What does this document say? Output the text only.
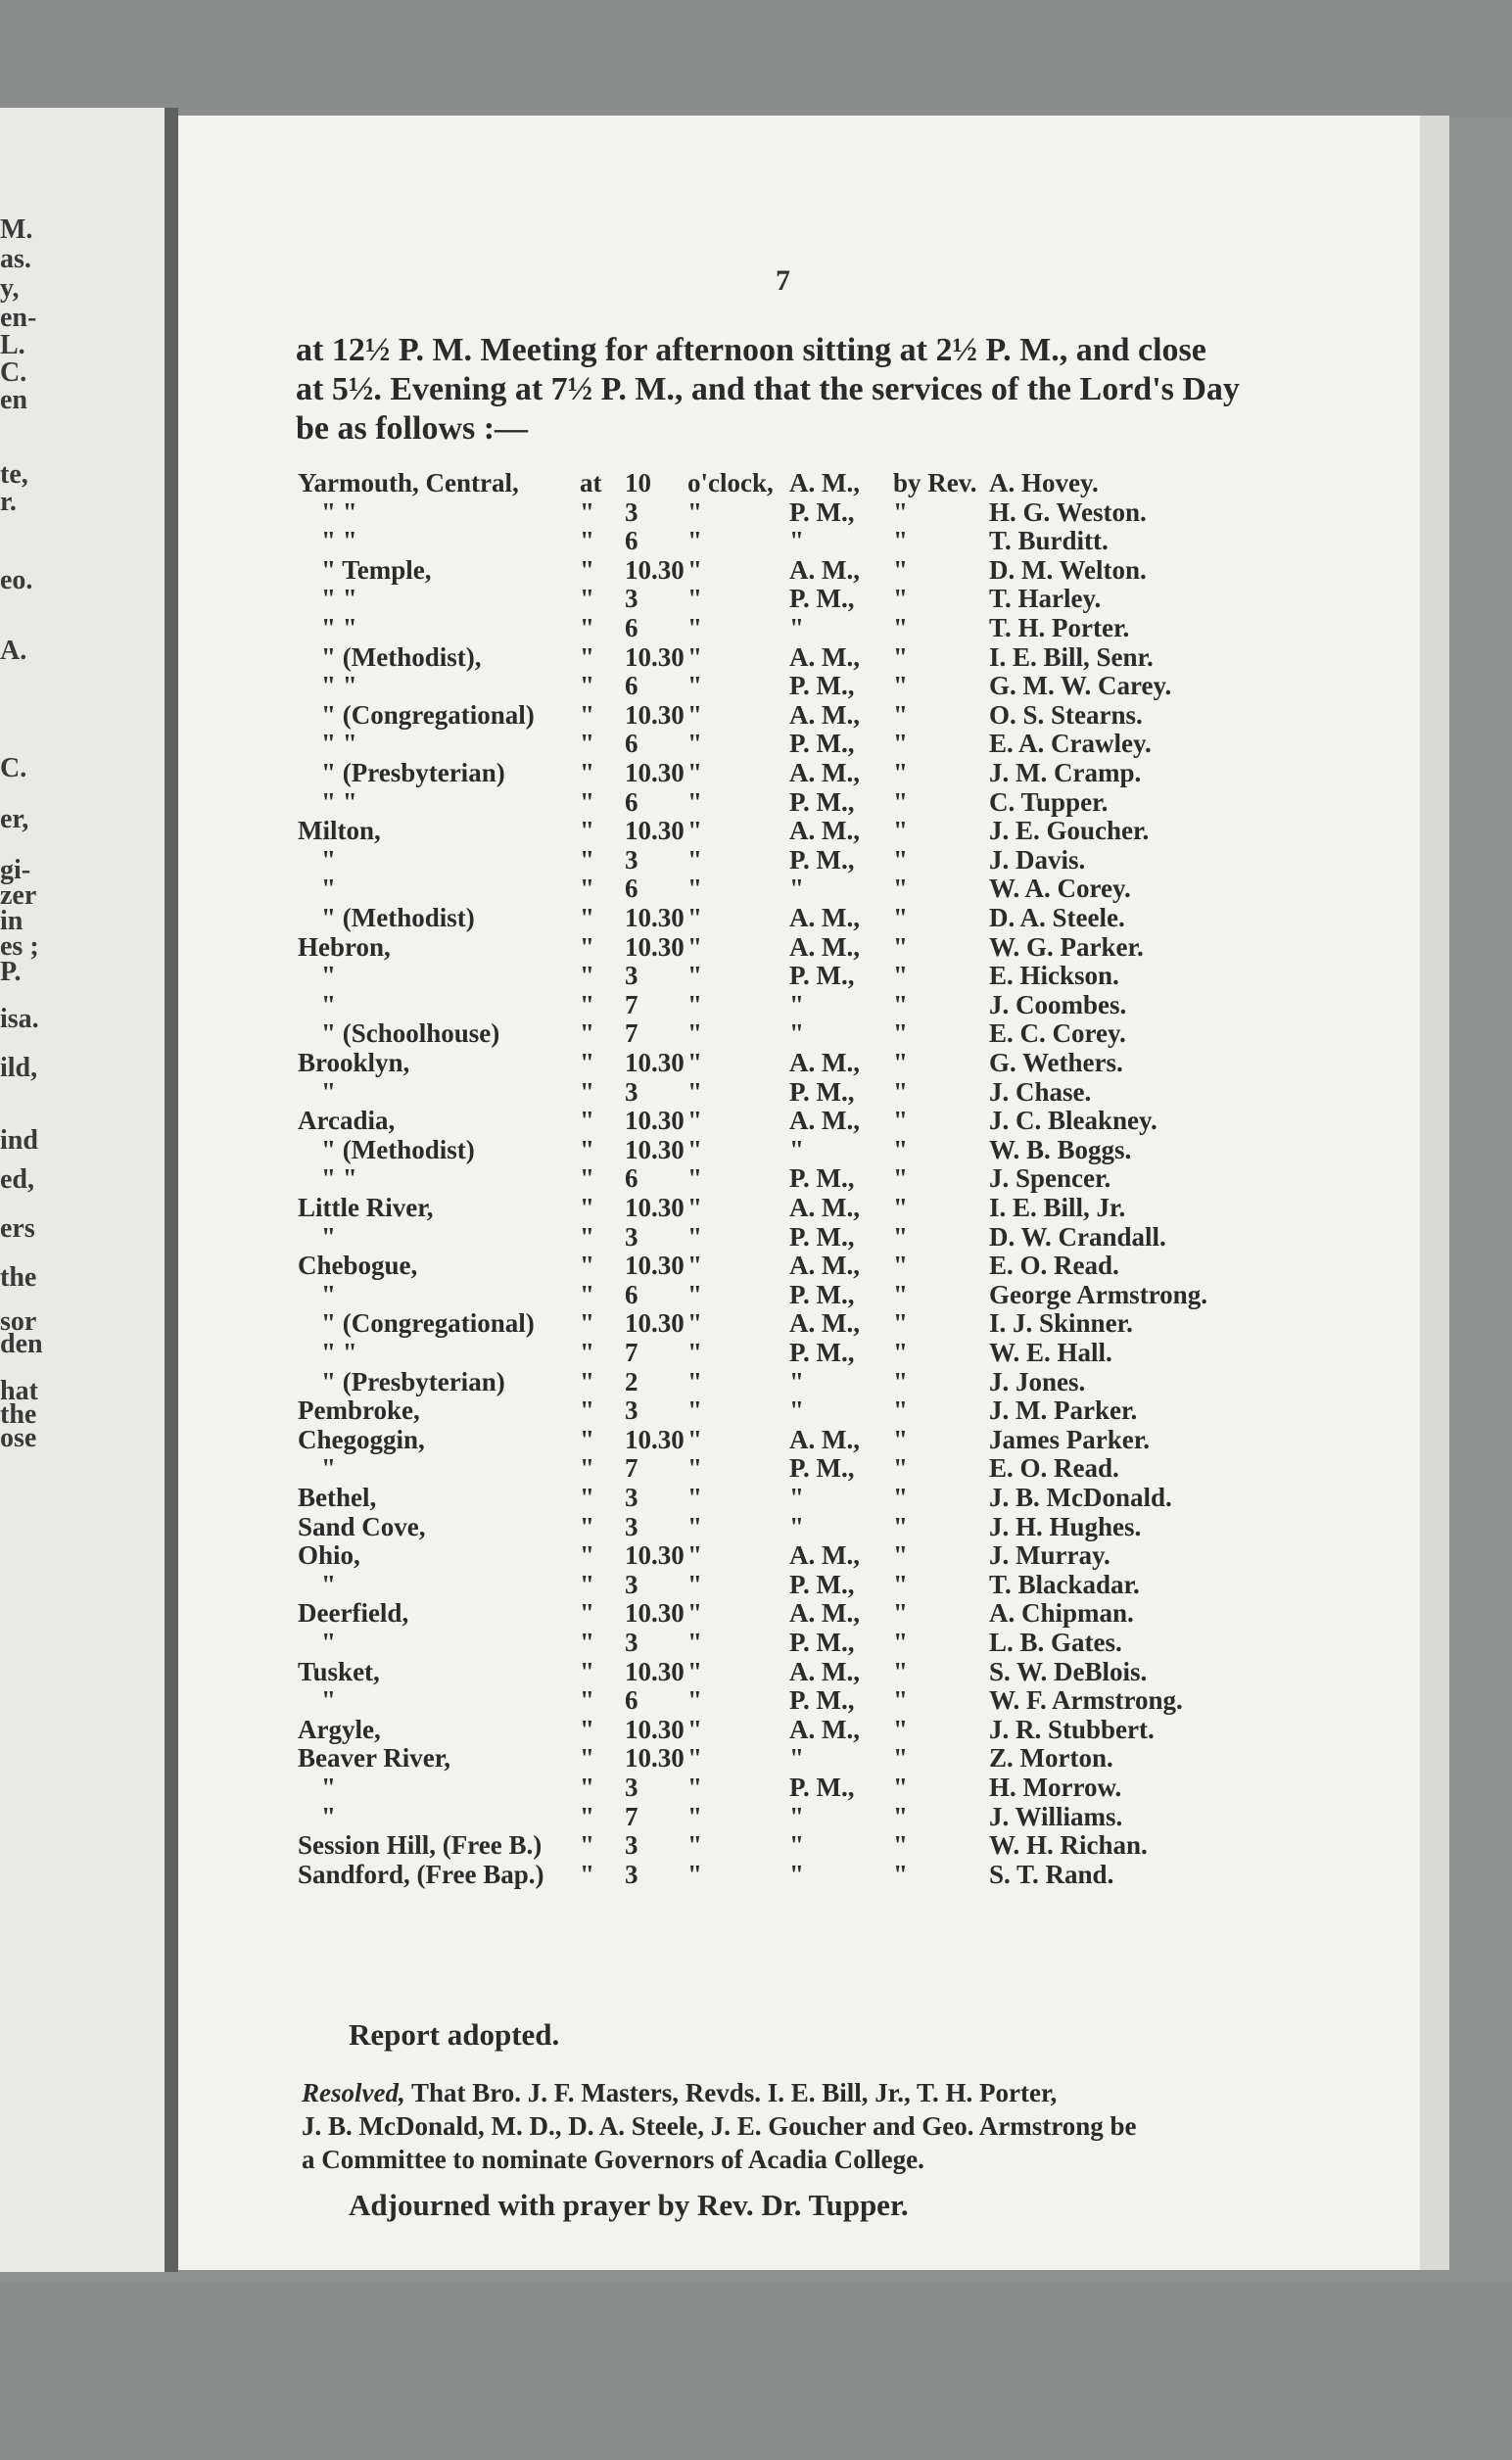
M.
as.
y,
en-
L.
C.
en
te,
r.
eo.
A.
C.
er,
gi-
zer
in
es ;
P.
isa.
ild,
ind
ed,
ers
the
sor
den
hat
the
ose
7
at 12½ P. M. Meeting for afternoon sitting at 2½ P. M., and close
at 5½. Evening at 7½ P. M., and that the services of the Lord's Day
be as follows :—
Yarmouth, Central, at 10 o'clock, A. M., by Rev. A. Hovey.
" "	" 3 "	P. M., "	H. G. Weston.
" "	" 6 "	"	"	T. Burditt.
" Temple,	" 10.30 "	A. M., "	D. M. Welton.
" "	" 3 "	P. M., "	T. Harley.
" "	" 6 "	"	"	T. H. Porter.
" (Methodist),	" 10.30 "	A. M., "	I. E. Bill, Senr.
" "	" 6 "	P. M., "	G. M. W. Carey.
" (Congregational) " 10.30 "	A. M., "	O. S. Stearns.
" "	" 6 "	P. M., "	E. A. Crawley.
" (Presbyterian)	" 10.30 "	A. M., "	J. M. Cramp.
" "	" 6 "	P. M., "	C. Tupper.
Milton,	" 10.30 "	A. M., "	J. E. Goucher.
"	" 3 "	P. M., "	J. Davis.
"	" 6 "	"	"	W. A. Corey.
" (Methodist)	" 10.30 "	A. M., "	D. A. Steele.
Hebron,	" 10.30 "	A. M., "	W. G. Parker.
"	" 3 "	P. M., "	E. Hickson.
"	" 7 "	"	"	J. Coombes.
" (Schoolhouse)	" 7 "	"	"	E. C. Corey.
Brooklyn,	" 10.30 "	A. M., "	G. Wethers.
"	" 3 "	P. M., "	J. Chase.
Arcadia,	" 10.30 "	A. M., "	J. C. Bleakney.
" (Methodist)	" 10.30 "	"	"	W. B. Boggs.
" "	" 6 "	P. M., "	J. Spencer.
Little River,	" 10.30 "	A. M., "	I. E. Bill, Jr.
"	" 3 "	P. M., "	D. W. Crandall.
Chebogue,	" 10.30 "	A. M., "	E. O. Read.
"	" 6 "	P. M., "	George Armstrong.
" (Congregational) " 10.30 "	A. M., "	I. J. Skinner.
" "	" 7 "	P. M., "	W. E. Hall.
" (Presbyterian)	" 2 "	"	"	J. Jones.
Pembroke,	" 3 "	"	"	J. M. Parker.
Chegoggin,	" 10.30 "	A. M., "	James Parker.
"	" 7 "	P. M., "	E. O. Read.
Bethel,	" 3 "	"	"	J. B. McDonald.
Sand Cove,	" 3 "	"	"	J. H. Hughes.
Ohio,	" 10.30 "	A. M., "	J. Murray.
"	" 3 "	P. M., "	T. Blackadar.
Deerfield,	" 10.30 "	A. M., "	A. Chipman.
"	" 3 "	P. M., "	L. B. Gates.
Tusket,	" 10.30 "	A. M., "	S. W. DeBlois.
"	" 6 "	P. M., "	W. F. Armstrong.
Argyle,	" 10.30 "	A. M., "	J. R. Stubbert.
Beaver River,	" 10.30 "	"	"	Z. Morton.
"	" 3 "	P. M., "	H. Morrow.
"	" 7 "	"	"	J. Williams.
Session Hill, (Free B.) " 3 "	"	"	W. H. Richan.
Sandford, (Free Bap.) " 3 "	"	"	S. T. Rand.
Report adopted.
Resolved, That Bro. J. F. Masters, Revds. I. E. Bill, Jr., T. H. Porter,
J. B. McDonald, M. D., D. A. Steele, J. E. Goucher and Geo. Armstrong be
a Committee to nominate Governors of Acadia College.
Adjourned with prayer by Rev. Dr. Tupper.
